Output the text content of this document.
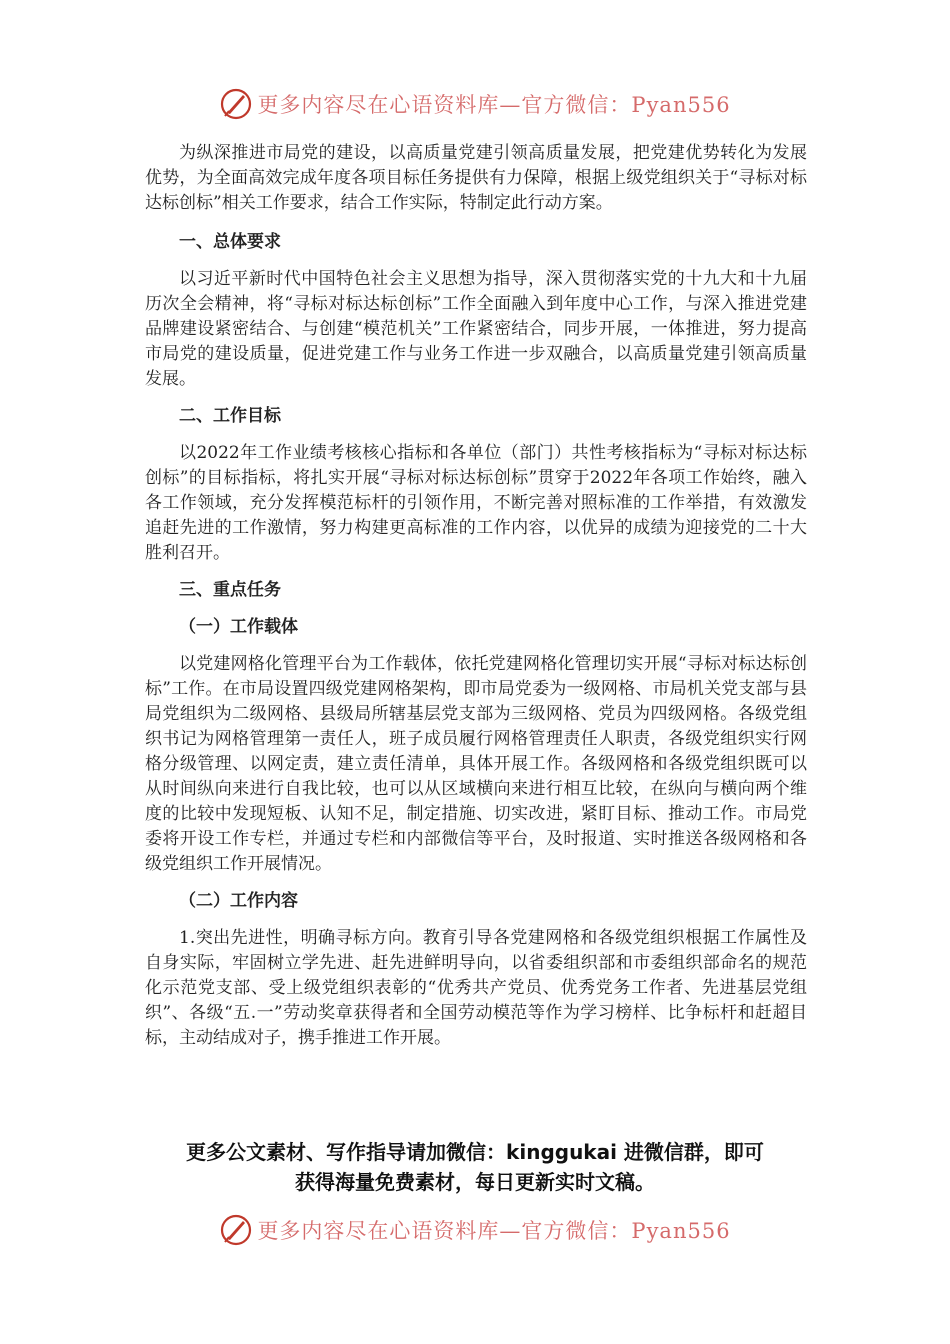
更多内容尽在心语资料库—官方微信：Pyan556

为纵深推进市局党的建设，以高质量党建引领高质量发展，把党建优势转化为发展优势，为全面高效完成年度各项目标任务提供有力保障，根据上级党组织关于“寻标对标达标创标”相关工作要求，结合工作实际，特制定此行动方案。

一、总体要求

以习近平新时代中国特色社会主义思想为指导，深入贯彻落实党的十九大和十九届历次全会精神，将“寻标对标达标创标”工作全面融入到年度中心工作，与深入推进党建品牌建设紧密结合、与创建“模范机关”工作紧密结合，同步开展，一体推进，努力提高市局党的建设质量，促进党建工作与业务工作进一步双融合，以高质量党建引领高质量发展。

二、工作目标

以2022年工作业绩考核核心指标和各单位（部门）共性考核指标为“寻标对标达标创标”的目标指标，将扎实开展“寻标对标达标创标”贯穿于2022年各项工作始终，融入各工作领域，充分发挥模范标杆的引领作用，不断完善对照标准的工作举措，有效激发追赶先进的工作激情，努力构建更高标准的工作内容，以优异的成绩为迎接党的二十大胜利召开。

三、重点任务
（一）工作载体

以党建网格化管理平台为工作载体，依托党建网格化管理切实开展“寻标对标达标创标”工作。在市局设置四级党建网格架构，即市局党委为一级网格、市局机关党支部与县局党组织为二级网格、县级局所辖基层党支部为三级网格、党员为四级网格。各级党组织书记为网格管理第一责任人，班子成员履行网格管理责任人职责，各级党组织实行网格分级管理、以网定责，建立责任清单，具体开展工作。各级网格和各级党组织既可以从时间纵向来进行自我比较，也可以从区域横向来进行相互比较，在纵向与横向两个维度的比较中发现短板、认知不足，制定措施、切实改进，紧盯目标、推动工作。市局党委将开设工作专栏，并通过专栏和内部微信等平台，及时报道、实时推送各级网格和各级党组织工作开展情况。

（二）工作内容

1.突出先进性，明确寻标方向。教育引导各党建网格和各级党组织根据工作属性及自身实际，牢固树立学先进、赶先进鲜明导向，以省委组织部和市委组织部命名的规范化示范党支部、受上级党组织表彰的“优秀共产党员、优秀党务工作者、先进基层党组织”、各级“五.一”劳动奖章获得者和全国劳动模范等作为学习榜样、比争标杆和赶超目标，主动结成对子，携手推进工作开展。

更多公文素材、写作指导请加微信：kinggukai 进微信群，即可
获得海量免费素材，每日更新实时文稿。
更多内容尽在心语资料库—官方微信：Pyan556
